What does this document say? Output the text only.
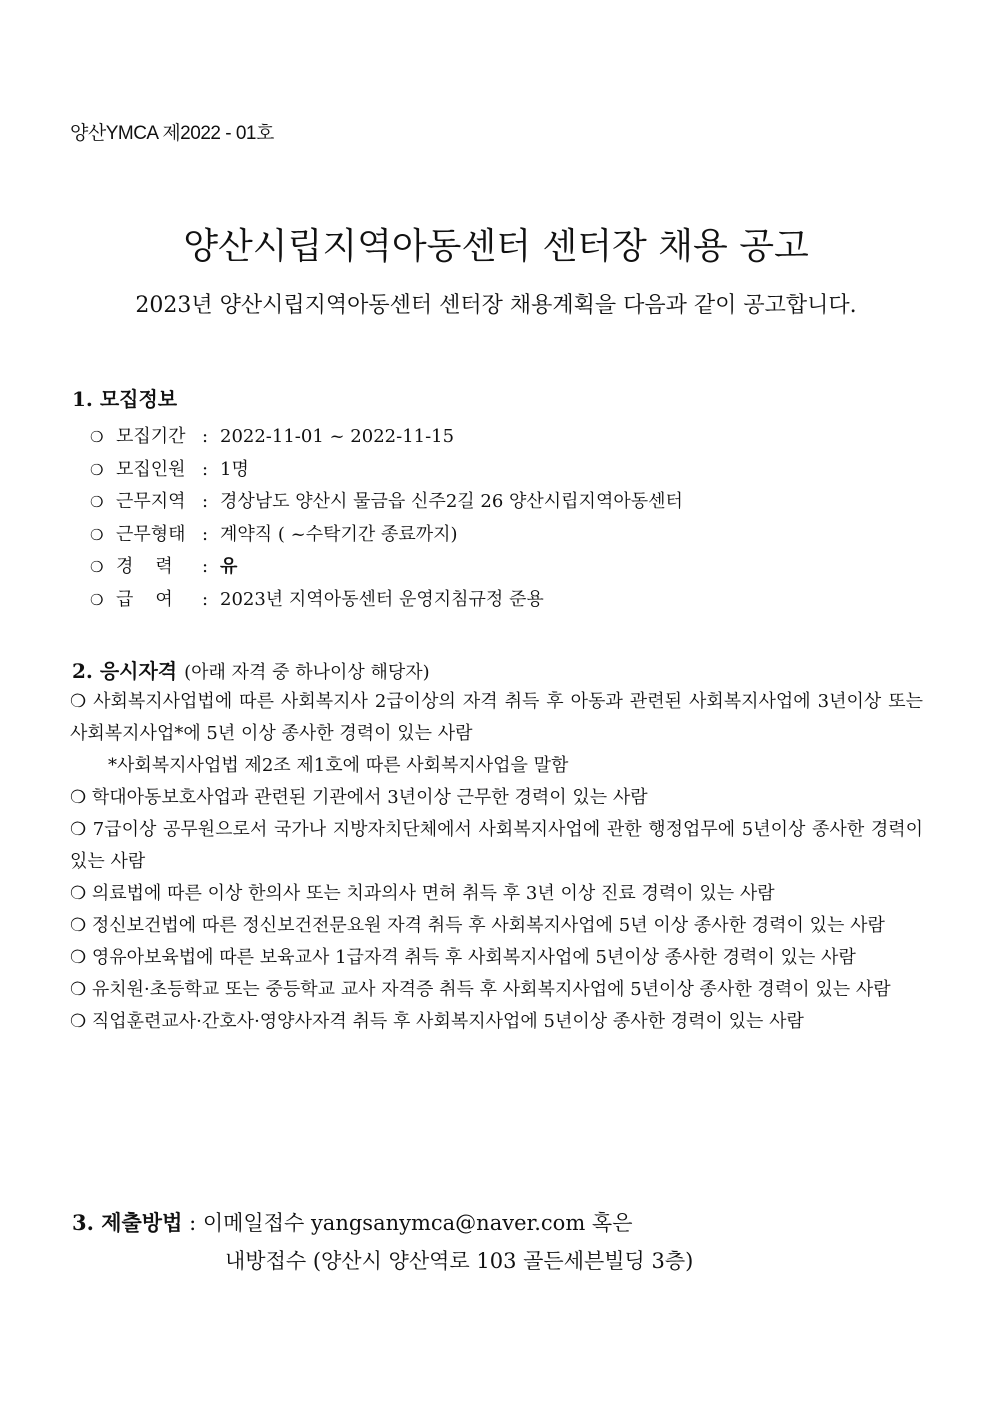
양산YMCA 제2022 - 01호
양산시립지역아동센터 센터장 채용 공고
2023년 양산시립지역아동센터 센터장 채용계획을 다음과 같이 공고합니다.
1. 모집정보
❍ 모집기간 : 2022-11-01 ~ 2022-11-15
❍ 모집인원 : 1명
❍ 근무지역 : 경상남도 양산시 물금읍 신주2길 26 양산시립지역아동센터
❍ 근무형태 : 계약직 ( ~수탁기간 종료까지)
❍ 경력 : 유
❍ 급여 : 2023년 지역아동센터 운영지침규정 준용
2. 응시자격 (아래 자격 중 하나이상 해당자)
❍ 사회복지사업법에 따른 사회복지사 2급이상의 자격 취득 후 아동과 관련된 사회복지사업에 3년이상 또는 사회복지사업*에 5년 이상 종사한 경력이 있는 사람
*사회복지사업법 제2조 제1호에 따른 사회복지사업을 말함
❍ 학대아동보호사업과 관련된 기관에서 3년이상 근무한 경력이 있는 사람
❍ 7급이상 공무원으로서 국가나 지방자치단체에서 사회복지사업에 관한 행정업무에 5년이상 종사한 경력이 있는 사람
❍ 의료법에 따른 이상 한의사 또는 치과의사 면허 취득 후 3년 이상 진료 경력이 있는 사람
❍ 정신보건법에 따른 정신보건전문요원 자격 취득 후 사회복지사업에 5년 이상 종사한 경력이 있는 사람
❍ 영유아보육법에 따른 보육교사 1급자격 취득 후 사회복지사업에 5년이상 종사한 경력이 있는 사람
❍ 유치원·초등학교 또는 중등학교 교사 자격증 취득 후 사회복지사업에 5년이상 종사한 경력이 있는 사람
❍ 직업훈련교사·간호사·영양사자격 취득 후 사회복지사업에 5년이상 종사한 경력이 있는 사람
3. 제출방법 : 이메일접수 yangsanymca@naver.com 혹은
내방접수 (양산시 양산역로 103 골든세븐빌딩 3층)
